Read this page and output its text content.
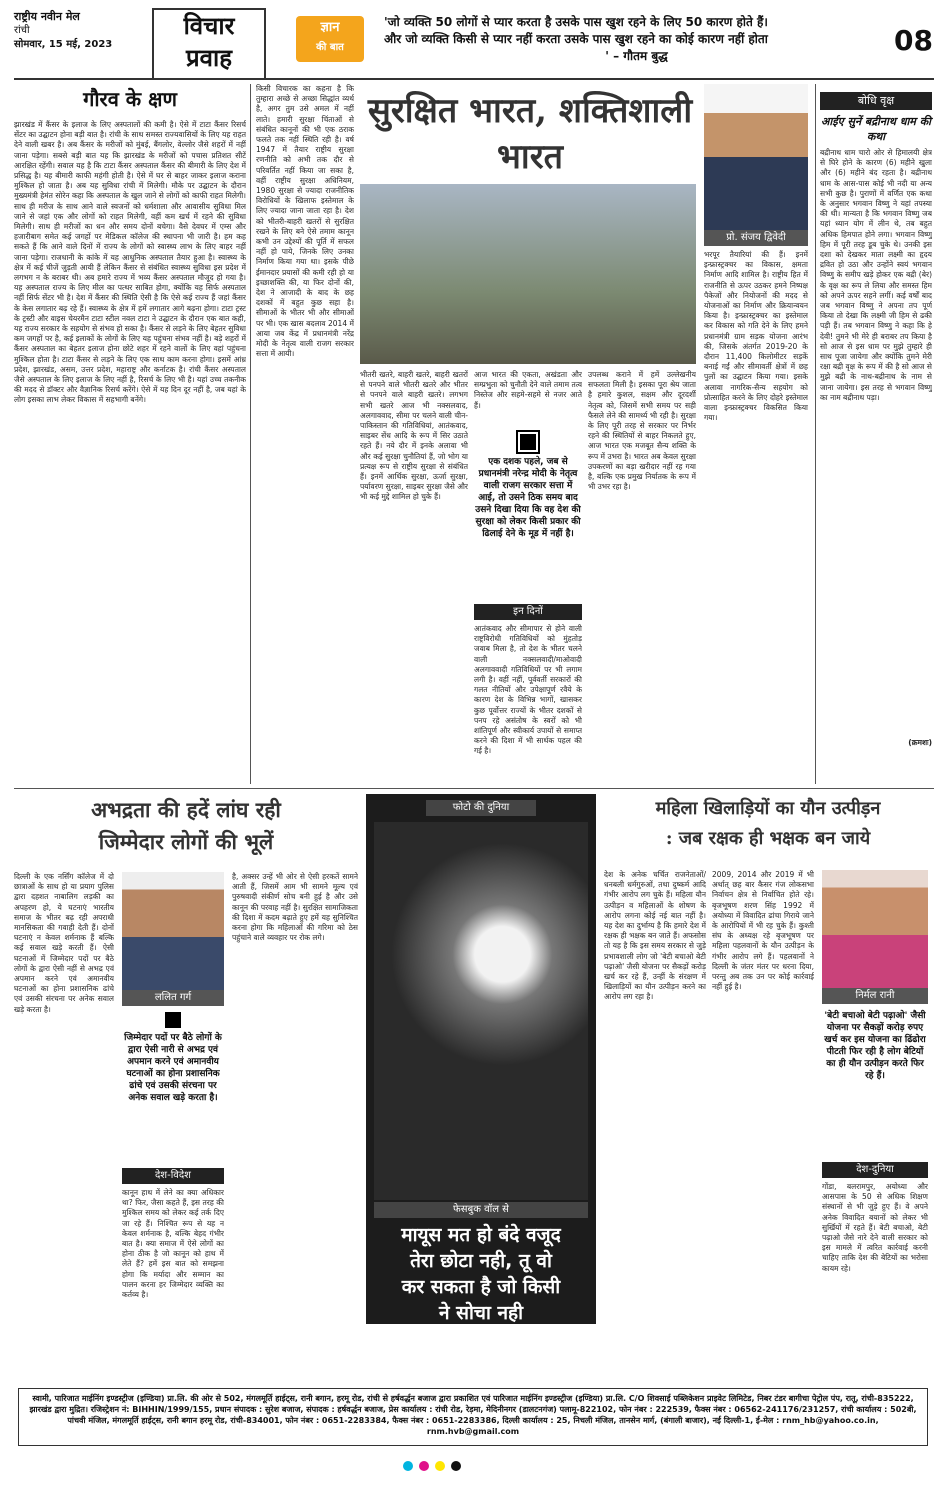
राष्ट्रीय नवीन मेल
रांची
सोमवार, 15 मई, 2023
विचार
प्रवाह
ज्ञान
की बात
'जो व्यक्ति 50 लोगों से प्यार करता है उसके पास खुश रहने के लिए 50 कारण होते हैं।
और जो व्यक्ति किसी से प्यार नहीं करता उसके पास खुश रहने का कोई कारण नहीं होता
' – गौतम बुद्ध	08
गौरव के क्षण
झारखंड में कैंसर के इलाज के लिए अस्पतालों की कमी है। ऐसे में टाटा कैंसर रिसर्च सेंटर का उद्घाटन होना बड़ी बात है। रांची के साथ समस्त राज्यवासियों के लिए यह राहत देने वाली खबर है। अब कैंसर के मरीजों को मुंबई, बैंगलोर, वेल्लोर जैसे शहरों में नहीं जाना पड़ेगा। सबसे बड़ी बात यह कि झारखंड के मरीजों को पचास प्रतिशत सीटें आरक्षित रहेंगी। सवाल यह है कि टाटा कैंसर अस्पताल कैंसर की बीमारी के लिए देश में प्रसिद्ध है। यह बीमारी काफी महंगी होती है। ऐसे में घर से बाहर जाकर इलाज कराना मुश्किल हो जाता है। अब यह सुविधा रांची में मिलेगी। मौके पर उद्घाटन के दौरान मुख्यमंत्री हेमंत सोरेन कहा कि अस्पताल के खुल जाने से लोगों को काफी राहत मिलेगी। साथ ही मरीज के साथ आने वाले स्वजनों को धर्मशाला और आवासीय सुविधा मिल जाने से जहां एक और लोगों को राहत मिलेगी, वहीं कम खर्च में रहने की सुविधा मिलेगी। साथ ही मरीजों का धन और समय दोनों बचेगा। वैसे देवघर में एम्स और हजारीबाग समेत कई जगहों पर मेडिकल कॉलेज की स्थापना भी जारी है। हम कह सकते हैं कि आने वाले दिनों में राज्य के लोगों को स्वास्थ्य लाभ के लिए बाहर नहीं जाना पड़ेगा। राजधानी के कांके में यह आधुनिक अस्पताल तैयार हुआ है। स्वास्थ्य के क्षेत्र में कई चीजें जुड़ती आयी हैं लेकिन कैंसर से संबंधित स्वास्थ्य सुविधा इस प्रदेश में लगभग न के बराबर थी। अब हमारे राज्य में भव्य कैंसर अस्पताल मौजूद हो गया है। यह अस्पताल राज्य के लिए मील का पत्थर साबित होगा, क्योंकि यह सिर्फ अस्पताल नहीं सिर्फ सेंटर भी है। देश में कैंसर की स्थिति ऐसी है कि ऐसे कई राज्य हैं जहां कैंसर के केस लगातार बढ़ रहे हैं। स्वास्थ्य के क्षेत्र में हमें लगातार आगे बढ़ना होगा। टाटा ट्रस्ट के ट्रस्टी और वाइस चेयरमैन टाटा स्टील नवल टाटा ने उद्घाटन के दौरान एक बात कही, यह राज्य सरकार के सहयोग से संभव हो सका है। कैंसर से लड़ने के लिए बेहतर सुविधा कम जगहों पर है, कई इलाकों के लोगों के लिए यह पहुंचना संभव नहीं है। बड़े शहरों में कैंसर अस्पताल का बेहतर इलाज होना छोटे शहर में रहने वालों के लिए वहां पहुंचना मुश्किल होता है। टाटा कैंसर से लड़ने के लिए एक साथ काम करना होगा। इसमें आंध्र प्रदेश, झारखंड, असम, उत्तर प्रदेश, महाराष्ट्र और कर्नाटक है। रांची कैंसर अस्पताल जैसे अस्पताल के लिए इलाज के लिए नहीं है, रिसर्च के लिए भी है। यहां उच्च तकनीक की मदद से डॉक्टर और वैज्ञानिक रिसर्च करेंगे। ऐसे में यह दिन दूर नहीं है, जब यहां के लोग इसका लाभ लेकर विकास में सहभागी बनेंगे।
किसी विचारक का कहना है कि तुम्हारा अच्छे से अच्छा सिद्धांत व्यर्थ है, अगर तुम उसे अमल में नहीं लाते। हमारी सुरक्षा चिंताओं से संबंधित कानूनों की भी एक ठराक फलते तक नहीं स्थिति रही है। वर्ष 1947 में तैयार राष्ट्रीय सुरक्षा रणनीति को अभी तक दौर से परिवर्तित नहीं किया जा सका है, वहीं राष्ट्रीय सुरक्षा अधिनियम, 1980 सुरक्षा से ज्यादा राजनीतिक विरोधियों के खिलाफ इस्तेमाल के लिए ज्यादा जाना जाता रहा है। देश को भीतरी-बाहरी खतरों से सुरक्षित रखने के लिए बने ऐसे तमाम कानून कभी उन उद्देश्यों की पूर्ति में सफल नहीं हो पाये, जिनके लिए उनका निर्माण किया गया था। इसके पीछे ईमानदार प्रयासों की कमी रही हो या इच्छाशक्ति की, या फिर दोनों की, देश ने आजादी के बाद के छह दशकों में बहुत कुछ सहा है। सीमाओं के भीतर भी और सीमाओं पर भी। एक खास बदलाव 2014 में आया जब केंद्र में प्रधानमंत्री नरेंद्र मोदी के नेतृत्व वाली राजग सरकार सत्ता में आयी।
सुरक्षित भारत, शक्तिशाली
भारत
भीतरी खतरे, बाहरी खतरे, बाहरी खतरों से पनपने वाले भीतरी खतरे और भीतर से पनपने वाले बाहरी खतरे। लगभग सभी खतरे आज भी नक्सलवाद, अलगाववाद, सीमा पर चलने वाली चीन-पाकिस्तान की गतिविधियां, आतंकवाद, साइबर सेंध आदि के रूप में सिर उठाते रहते हैं। नये दौर में इनके अलावा भी और कई सुरक्षा चुनौतियां हैं, जो भोग या प्रत्यक्ष रूप से राष्ट्रीय सुरक्षा से संबंधित हैं। इनमें आर्थिक सुरक्षा, ऊर्जा सुरक्षा, पर्यावरण सुरक्षा, साइबर सुरक्षा जैसे और भी कई मुद्दे शामिल हो चुके हैं।
आज भारत की एकता, अखंडता और सम्प्रभुता को चुनौती देने वाले तमाम तत्व निस्तेज और सहमे-सहमे से नजर आते हैं।
एक दशक पहले, जब से प्रधानमंत्री नरेन्द्र मोदी के नेतृत्व वाली राजग सरकार सत्ता में आई, तो उसने ठिक समय बाद उसने दिखा दिया कि वह देश की सुरक्षा को लेकर किसी प्रकार की ढिलाई देने के मूड में नहीं है।
इन दिनों
आतंकवाद और सीमापार से होने वाली राष्ट्रविरोधी गतिविधियों को मुंहतोड़ जवाब मिला है, तो देश के भीतर चलने वाली नक्सलवादी/माओवादी अलगाववादी गतिविधियों पर भी लगाम लगी है। वहीं नहीं, पूर्ववर्ती सरकारों की गलत नीतियों और उपेक्षापूर्ण रवैये के कारण देश के विभिन्न भागों, खासकर कुछ पूर्वोत्तर राज्यों के भीतर दशकों से पनप रहे असंतोष के स्वरों को भी शांतिपूर्ण और स्वीकार्य उपायों से समाप्त करने की दिशा में भी सार्थक पहल की गई है।
उपलब्ध कराने में हमें उल्लेखनीय सफलता मिली है। इसका पूरा श्रेय जाता है हमारे कुशल, सक्षम और दूरदर्शी नेतृत्व को, जिसमें सभी समय पर सही फैसले लेने की सामर्थ्य भी रही है। सुरक्षा के लिए पूरी तरह से सरकार पर निर्भर रहने की स्थितियों से बाहर निकलते हुए, आज भारत एक मजबूत सैन्य शक्ति के रूप में उभरा है। भारत अब केवल सुरक्षा उपकरणों का बड़ा खरीदार नहीं रह गया है, बल्कि एक प्रमुख निर्यातक के रूप में भी उभर रहा है।
प्रो. संजय द्विवेदी
भरपूर तैयारियां की हैं। इनमें इन्फ्रास्ट्रक्चर का विकास, क्षमता निर्माण आदि शामिल है। राष्ट्रीय हित में राजनीति से ऊपर उठकर हमने निष्पक्ष पैकेजों और नियोजनों की मदद से योजनाओं का निर्माण और क्रियान्वयन किया है। इन्फ्रास्ट्रक्चर का इस्तेमाल कर विकास को गति देने के लिए हमने प्रधानमंत्री ग्राम सड़क योजना आरंभ की, जिसके अंतर्गत 2019-20 के दौरान 11,400 किलोमीटर सड़कें बनाई गईं और सीमावर्ती क्षेत्रों में छह पुलों का उद्घाटन किया गया। इसके अलावा नागरिक-सैन्य सहयोग को प्रोत्साहित करने के लिए दोहरे इस्तेमाल वाला इन्फ्रास्ट्रक्चर विकसित किया गया।
बोधि वृक्ष
आईए सुनें बद्रीनाथ धाम की कथा
बद्रीनाथ धाम चारो ओर से हिमालयी क्षेत्र से घिरे होने के कारण (6) महीने खुला और (6) महीने बंद रहता है। बद्रीनाथ धाम के आस-पास कोई भी नदी या अन्य सभी कुछ है। पुराणों में वर्णित एक कथा के अनुसार भगवान विष्णु ने यहां तपस्या की थी। मान्यता है कि भगवान विष्णु जब यहां ध्यान योग में लीन थे, तब बहुत अधिक हिमपात होने लगा। भगवान विष्णु हिम में पूरी तरह डूब चुके थे। उनकी इस दशा को देखकर माता लक्ष्मी का हृदय द्रवित हो उठा और उन्होंने स्वयं भगवान विष्णु के समीप खड़े होकर एक बद्री (बेर) के वृक्ष का रूप ले लिया और समस्त हिम को अपने ऊपर सहने लगीं। कई वर्षों बाद जब भगवान विष्णु ने अपना तप पूर्ण किया तो देखा कि लक्ष्मी जी हिम से ढकी पड़ी हैं। तब भगवान विष्णु ने कहा कि हे देवी! तुमने भी मेरे ही बराबर तप किया है सो आज से इस धाम पर मुझे तुम्हारे ही साथ पूजा जायेगा और क्योंकि तुमने मेरी रक्षा बद्री वृक्ष के रूप में की है सो आज से मुझे बद्री के नाथ-बद्रीनाथ के नाम से जाना जायेगा। इस तरह से भगवान विष्णु का नाम बद्रीनाथ पड़ा।
(क्रमशः)
अभद्रता की हदें लांघ रही
जिम्मेदार लोगों की भूलें
दिल्ली के एक नर्सिंग कॉलेज में दो छात्राओं के साथ हो या प्रयाग पुलिस द्वारा दहशत नाबालिग लड़की का अपहरण हो, ये घटनाएं भारतीय समाज के भीतर बढ़ रही अपराधी मानसिकता की गवाही देती हैं। दोनों घटनाएं न केवल शर्मनाक हैं बल्कि कई सवाल खड़े करती हैं। ऐसी घटनाओं में जिम्मेदार पदों पर बैठे लोगों के द्वारा ऐसी नहीं से अभद्र एवं अपमान करने एवं अमानवीय घटनाओं का होना प्रशासनिक ढांचे एवं उसकी संरचना पर अनेक सवाल खड़े करता है।
ललित गर्ग
जिम्मेदार पदों पर बैठे लोगों के द्वारा ऐसी नारी से अभद्र एवं अपमान करने एवं अमानवीय घटनाओं का होना प्रशासनिक ढांचे एवं उसकी संरचना पर अनेक सवाल खड़े करता है।
देश-विदेश
कानून हाथ में लेने का क्या अधिकार था? फिर, जैसा कहते हैं, इस तरह की मुश्किल समय को लेकर कई तर्क दिए जा रहे हैं। निश्चित रूप से यह न केवल शर्मनाक है, बल्कि बेहद गंभीर बात है। क्या समाज में ऐसे लोगों का होना ठीक है जो कानून को हाथ में लेते हैं? हमें इस बात को समझना होगा कि मर्यादा और सम्मान का पालन करना हर जिम्मेदार व्यक्ति का कर्तव्य है।
है, अक्सर उन्हें भी ओर से ऐसी हरकतें सामने आती हैं, जिसमें आम भी सामने मूल्य एवं पुरुषवादी संकीर्ण सोच बनी हुई है और उसे कानून की परवाह नहीं है। सुरक्षित सामाजिकता की दिशा में कदम बढ़ाते हुए हमें यह सुनिश्चित करना होगा कि महिलाओं की गरिमा को ठेस पहुंचाने वाले व्यवहार पर रोक लगे।
फोटो की दुनिया
फेसबुक वॉल से
मायूस मत हो बंदे वजूद
तेरा छोटा नही, तू वो
कर सकता है जो किसी
ने सोचा नही
महिला खिलाड़ियों का यौन उत्पीड़न
: जब रक्षक ही भक्षक बन जाये
देश के अनेक चर्चित राजनेताओं/धनबली धर्मगुरुओं, तथा दुष्कर्म आदि गंभीर आरोप लग चुके हैं। महिला यौन उत्पीड़न व महिलाओं के शोषण के आरोप लगना कोई नई बात नहीं है। यह देश का दुर्भाग्य है कि हमारे देश में रक्षक ही भक्षक बन जाते हैं। अफसोस तो यह है कि इस समय सरकार से जुड़े प्रभावशाली लोग जो 'बेटी बचाओ बेटी पढ़ाओ' जैसी योजना पर सैकड़ों करोड़ खर्च कर रहे हैं, उन्हीं के संरक्षण में खिलाड़ियों का यौन उत्पीड़न करने का आरोप लग रहा है।
2009, 2014 और 2019 में भी अर्थात् छह बार कैसर गंज लोकसभा निर्वाचन क्षेत्र से निर्वाचित होते रहे। बृजभूषण शरण सिंह 1992 में अयोध्या में विवादित ढांचा गिराये जाने के आरोपियों में भी रह चुके हैं। कुश्ती संघ के अध्यक्ष रहे बृजभूषण पर महिला पहलवानों के यौन उत्पीड़न के गंभीर आरोप लगे हैं। पहलवानों ने दिल्ली के जंतर मंतर पर धरना दिया, परन्तु अब तक उन पर कोई कार्रवाई नहीं हुई है।
निर्मल रानी
'बेटी बचाओ बेटी पढ़ाओ' जैसी योजना पर सैकड़ों करोड़ रुपए खर्च कर इस योजना का ढिंढोरा पीटती फिर रही है लोग बेटियों का ही यौन उत्पीड़न करते फिर रहे हैं।
देश-दुनिया
गोंडा, बलरामपुर, अयोध्या और आसपास के 50 से अधिक शिक्षण संस्थानों से भी जुड़े हुए हैं। वे अपने अनेक विवादित बयानों को लेकर भी सुर्खियों में रहते हैं। बेटी बचाओ, बेटी पढ़ाओ जैसे नारे देने वाली सरकार को इस मामले में त्वरित कार्रवाई करनी चाहिए ताकि देश की बेटियों का भरोसा कायम रहे।
स्वामी, पारिजात माईनिंग इण्डस्ट्रीज (इण्डिया) प्रा.लि. की ओर से 502, मंगलमूर्ति हाईट्स, रानी बगान, हरमू रोड, रांची से हर्षवर्द्धन बजाज द्वारा प्रकाशित एवं पारिजात माईनिंग इण्डस्ट्रीज (इण्डिया) प्रा.लि. C/O शिवसाई पब्लिकेशन प्राइवेट लिमिटेड, निबर टंडर बागीचा पेट्रोल पंप, रातू, रांची-835222, झारखंड द्वारा मुद्रित। रजिस्ट्रेशन नं: BIHHIN/1999/155, प्रधान संपादक : सुरेश बजाज, संपादक : हर्षवर्द्धन बजाज, प्रेस कार्यालय : रांची रोड, रेड़मा, मेदिनीनगर (डालटनगंज) पलामू-822102, फोन नंबर : 222539, फैक्स नंबर : 06562-241176/231257, रांची कार्यालय : 502बी, पांचवी मंजिल, मंगलमूर्ति हाईट्स, रानी बगान हरमू रोड, रांची-834001, फोन नंबर : 0651-2283384, फैक्स नंबर : 0651-2283386, दिल्ली कार्यालय : 25, निचली मंजिल, तानसेन मार्ग, (बंगाली बाजार), नई दिल्ली-1, ई-मेल : rnm_hb@yahoo.co.in, rnm.hvb@gmail.com
